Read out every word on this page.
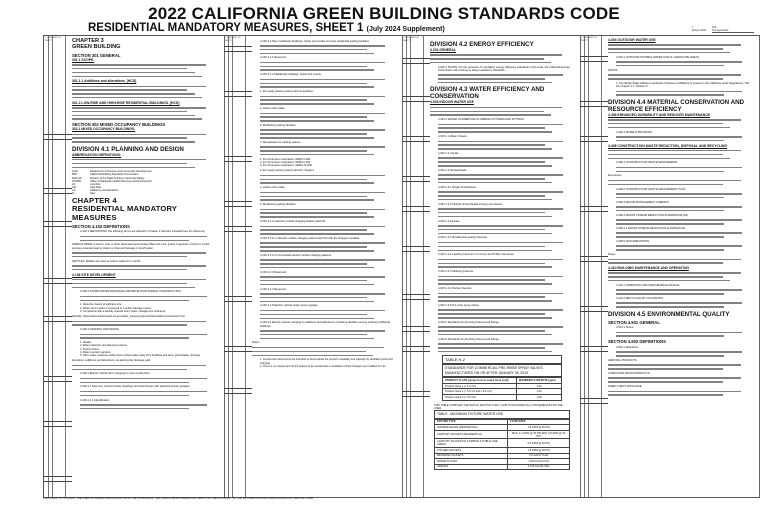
2022 CALIFORNIA GREEN BUILDING STANDARDS CODE
RESIDENTIAL MANDATORY MEASURES, SHEET 1 (July 2024 Supplement)	Y
Responsible
N/A
Not applicable
Y N/A RESPON. PARTY	CHAPTER 3
GREEN BUILDING
SECTION 301 GENERAL
301.1 SCOPE.
301.1.1 Additions and alterations. [HCD]
301.2 LOW-RISE AND HIGH-RISE RESIDENTIAL BUILDINGS. [HCD]
SECTION 302 MIXED OCCUPANCY BUILDINGS
302.1 MIXED OCCUPANCY BUILDINGS.
DIVISION 4.1 PLANNING AND DESIGN
ABBREVIATION DEFINITIONS:
HCD	Department of Housing and Community Development
BSC	California Building Standards Commission
DSA-SS	Division of the State Architect, Structural Safety
OSHPD	Office of Statewide Health Planning and Development
LR	Low Rise
HR	High Rise
AA	Additions and Alterations
N	New
CHAPTER 4
RESIDENTIAL MANDATORY MEASURES
SECTION 4.102 DEFINITIONS
4.102.1 DEFINITIONS The following terms are defined in Chapter 2 (and are included here for reference)
FRENCH DRAIN. A trench, hole or other depressed area loosely filled with rock, gravel, fragments of brick or similar pervious material used to collect or channel drainage or runoff water.
WATTLES. Wattles are used to reduce sediment in runoff.
4.106 SITE DEVELOPMENT
4.106.2 STORM WATER DRAINAGE AND RETENTION DURING CONSTRUCTION.
1. Retention basins of sufficient size
2. Where storm water is conveyed to a public drainage system
3. Compliance with a lawfully enacted storm water management ordinance
Website: https://www.waterboards.ca.gov/water_issues/programs/stormwater/construction.html
4.106.3 GRADING AND PAVING.
1. Swales
2. Water collection and disposal systems
3. French drains
4. Water retention gardens
5. Other water measures which keep surface water away from buildings and aid in groundwater recharge
Exception: Additions and alterations not altering the drainage path.
4.106.4 Electric vehicle (EV) charging for new construction.
4.106.4.1 New one- and two-family dwellings and townhouses with attached private garages.
4.106.4.1.1 Identification.
Y N/A RESPON. PARTY	4.106.4.2 New multifamily dwellings, hotels and motels and new residential parking facilities.
4.106.4.2.1 Reserved.
4.106.4.2.2 Multifamily buildings, hotels and motels.
1. EV ready parking spaces with receptacles.
a. Hotels and motels.
b. Multifamily parking facilities.
c. Receptacles for parking spaces.
1. For 20 ampere receptacles, NEMA 5-20R
2. For 20 ampere receptacles, NEMA 6-20R
3. For 30 ampere receptacles, NEMA 14-30R
2. EV ready parking spaces with EV chargers.
a. Hotels and motels.
b. Multifamily parking facilities.
4.106.4.2.2.1 Electric vehicle charging stations (EVCS).
4.106.4.2.2.1.1 Electric vehicle charging stations (EVCS) with EV chargers installed.
4.106.4.2.2.1.2 Accessible electric vehicle charging stations.
4.106.4.2.3 Reserved.
4.106.4.2.4 Reserved.
4.106.4.2.5 Electric vehicle ready space signage.
4.106.4.3 Electric vehicle charging for additions and alterations of parking facilities serving existing multifamily buildings.
Notes:
1. Construction documents are intended to demonstrate the project's capability and capacity for facilitating future EV charging.
2. There is no requirement for EV spaces to be constructed or available until EV chargers are installed for use.
Y N/A RESPON. PARTY
DIVISION 4.2 ENERGY EFFICIENCY
4.201 GENERAL
4.201.1 SCOPE. For the purposes of mandatory energy efficiency standards in this code, the California Energy Commission will continue to adopt mandatory standards.
DIVISION 4.3 WATER EFFICIENCY AND CONSERVATION
4.303 INDOOR WATER USE
4.303.1 WATER CONSERVING PLUMBING FIXTURES AND FITTINGS.
4.303.1.1 Water Closets.
4.303.1.2 Urinals.
4.303.1.3 Showerheads.
4.303.1.3.1 Single Showerhead.
4.303.1.3.2 Multiple showerheads serving one shower.
4.303.1.4 Faucets.
4.303.1.4.1 Residential Lavatory Faucets.
4.303.1.4.2 Lavatory Faucets in Common and Public Use Areas.
4.303.1.4.3 Metering Faucets.
4.303.1.4.4 Kitchen Faucets.
4.303.1.4.5 Pre-rinse spray valves.
4.303.2 Standards for plumbing fixtures and fittings.
4.303.3 Standards for plumbing fixtures and fittings.
TABLE H-2
STANDARDS FOR COMMERCIAL PRE-RINSE SPRAY VALVES MANUFACTURED ON OR AFTER JANUARY 28, 2019
PRODUCT CLASS [spray force in ounce force (ozf)]	MAXIMUM FLOW RATE (gpm)
Product Class 1 (≤ 5.0 ozf)	1.00
Product Class 2 (> 5.0 ozf and ≤ 8.0 ozf)	1.20
Product Class 3 (> 8.0 ozf)	1.28
THIS TABLE COMPILES THE DATA IN SECTION 4.303.1, AND IS INCLUDED AS A CONVENIENCE FOR THE USER.
TABLE - MAXIMUM FIXTURE WATER USE
FIXTURE TYPE	FLOW RATE
SHOWER HEADS (RESIDENTIAL)	1.8 GPM @ 80 PSI
LAVATORY FAUCETS (RESIDENTIAL)	MAX. 1.2 GPM @ 60 PSI MIN. 0.8 GPM @ 20 PSI
LAVATORY FAUCETS IN COMMON & PUBLIC USE AREAS	0.5 GPM @ 60 PSI
KITCHEN FAUCETS	1.8 GPM @ 60 PSI
METERING FAUCETS	0.2 GAL/CYCLE
WATER CLOSET	1.28 GAL/FLUSH
URINALS	0.125 GAL/FLUSH
Y N/A RESPON. PARTY	4.304 OUTDOOR WATER USE
4.304.1 OUTDOOR POTABLE WATER USE IN LANDSCAPE AREAS.
NOTES:
1. The Model Water Efficient Landscape Ordinance (MWELO) is located in the California Code Regulations, Title 23, Chapter 2.7, Division 2.
DIVISION 4.4 MATERIAL CONSERVATION AND RESOURCE EFFICIENCY
4.406 ENHANCED DURABILITY AND REDUCED MAINTENANCE
4.406.1 RODENT PROOFING.
4.408 CONSTRUCTION WASTE REDUCTION, DISPOSAL AND RECYCLING
4.408.1 CONSTRUCTION WASTE MANAGEMENT.
Exceptions:
4.408.2 CONSTRUCTION WASTE MANAGEMENT PLAN.
4.408.3 WASTE MANAGEMENT COMPANY.
4.408.4 WASTE STREAM REDUCTION ALTERNATIVE [LR].
4.408.4.1 WASTE STREAM REDUCTION ALTERNATIVE.
4.408.5 DOCUMENTATION.
Notes:
4.410 BUILDING MAINTENANCE AND OPERATION
4.410.1 OPERATION AND MAINTENANCE MANUAL.
4.410.2 RECYCLING BY OCCUPANTS.
DIVISION 4.5 ENVIRONMENTAL QUALITY
SECTION 4.501 GENERAL
4.501.1 Scope
SECTION 4.502 DEFINITIONS
4.502.1 Definitions
AEROSOL PRODUCTS.
COMPOSITE WOOD PRODUCTS.
DIRECT-VENT APPLIANCE.
THIS CHART IS TO ASSIST THE USER IN UNDERSTANDING AND USING THE STANDARDS. THE USER IS RESPONSIBLE FOR VERIFYING THE ACCURACY OF THE INFORMATION AND COMPLIANCE WITH THE FULL CODE.
